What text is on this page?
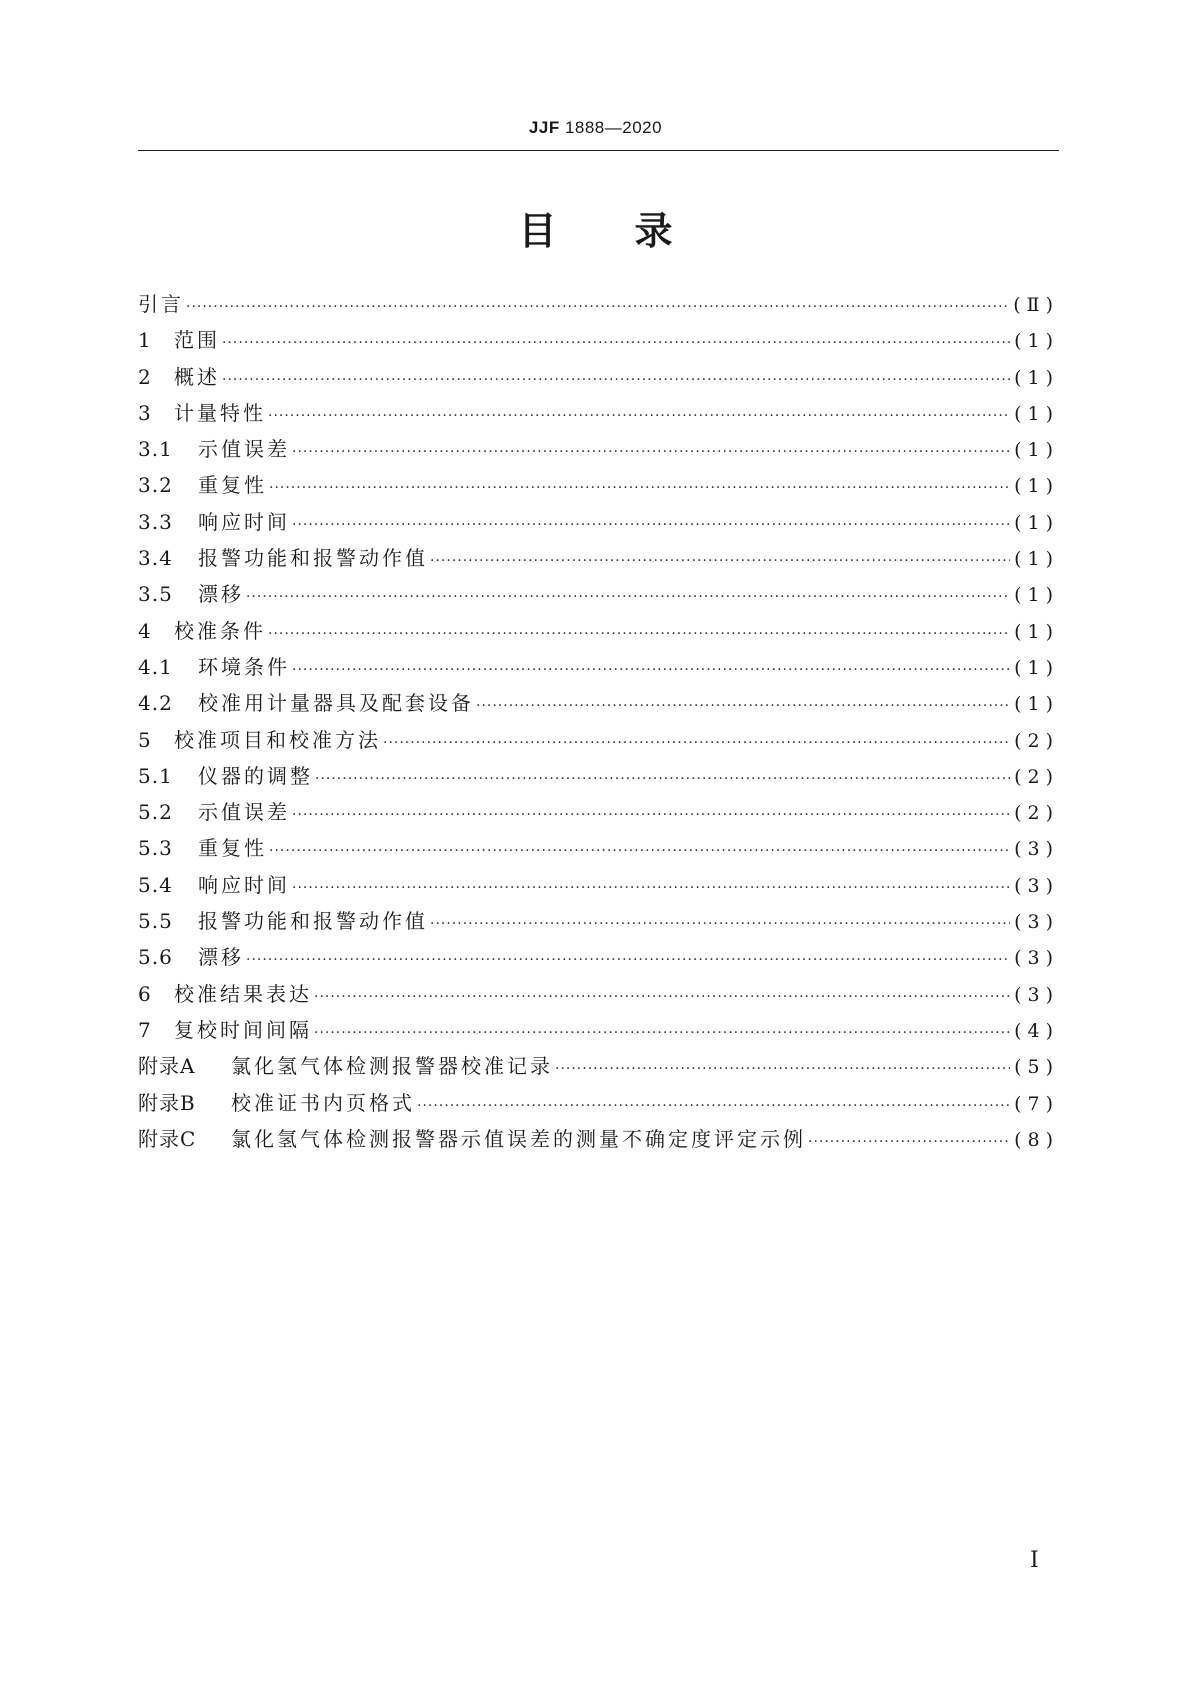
JJF 1888—2020
目录
引言 ·····	(Ⅱ)
1 范围 ·····	(1)
2 概述 ·····	(1)
3 计量特性 ·····	(1)
3.1 示值误差 ·····	(1)
3.2 重复性 ·····	(1)
3.3 响应时间 ·····	(1)
3.4 报警功能和报警动作值 ·····	(1)
3.5 漂移 ·····	(1)
4 校准条件 ·····	(1)
4.1 环境条件 ·····	(1)
4.2 校准用计量器具及配套设备 ·····	(1)
5 校准项目和校准方法 ·····	(2)
5.1 仪器的调整 ·····	(2)
5.2 示值误差 ·····	(2)
5.3 重复性 ·····	(3)
5.4 响应时间 ·····	(3)
5.5 报警功能和报警动作值 ·····	(3)
5.6 漂移 ·····	(3)
6 校准结果表达 ·····	(3)
7 复校时间间隔 ·····	(4)
附录A 氯化氢气体检测报警器校准记录 ·····	(5)
附录B 校准证书内页格式 ·····	(7)
附录C 氯化氢气体检测报警器示值误差的测量不确定度评定示例 ·····	(8)
Ⅰ
